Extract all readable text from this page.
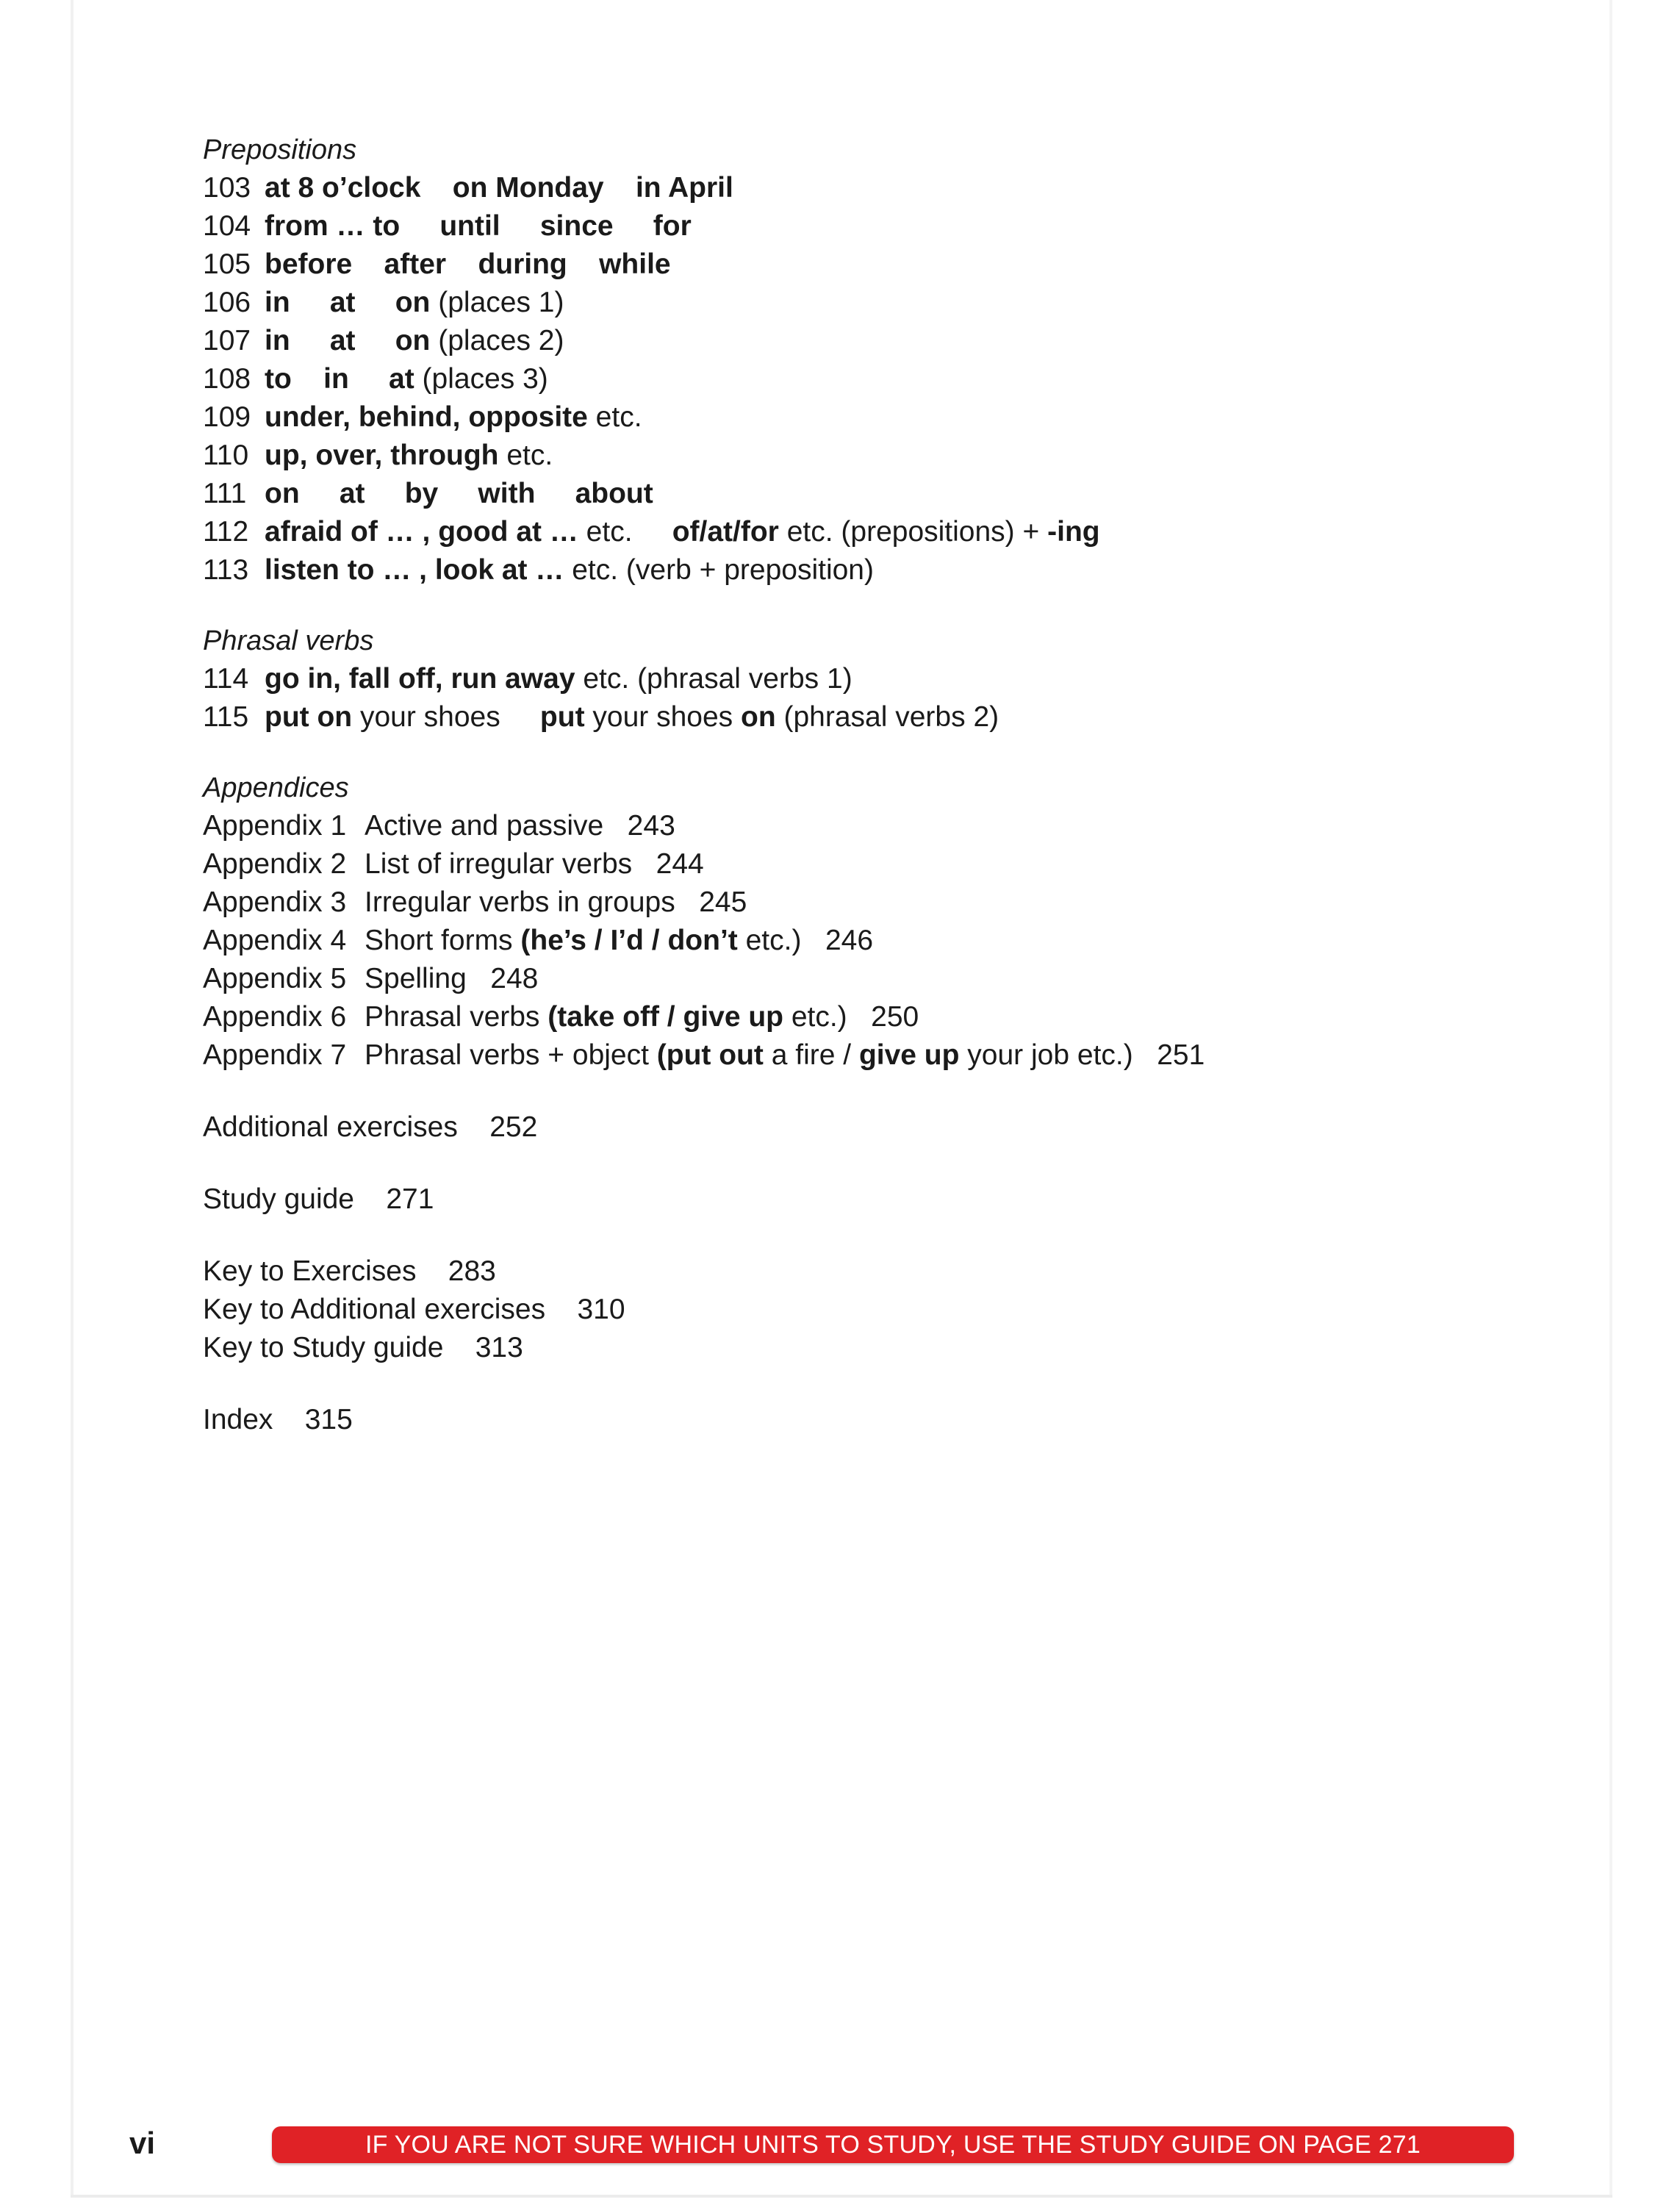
Prepositions

103 at 8 o’clock on Monday in April

104 from … to until since for

105 before after during while

106 in at on (places 1)

107 in at on (places 2)

108 to in at (places 3)

109 under, behind, opposite etc.

110 up, over, through etc.

111 on at by with about

112 afraid of … , good at … etc.     of/at/for etc. (prepositions) + -ing

113 listen to … , look at … etc. (verb + preposition)

Phrasal verbs

114 go in, fall off, run away etc. (phrasal verbs 1)

115 put on your shoes     put your shoes on (phrasal verbs 2)

Appendices

Appendix 1 Active and passive   243

Appendix 2 List of irregular verbs   244

Appendix 3 Irregular verbs in groups   245

Appendix 4 Short forms (he’s / I’d / don’t etc.)   246

Appendix 5 Spelling   248

Appendix 6 Phrasal verbs (take off / give up etc.)   250

Appendix 7 Phrasal verbs + object (put out a fire / give up your job etc.)   251

Additional exercises    252

Study guide    271

Key to Exercises    283

Key to Additional exercises    310

Key to Study guide    313

Index    315

vi	IF YOU ARE NOT SURE WHICH UNITS TO STUDY, USE THE STUDY GUIDE ON PAGE 271
